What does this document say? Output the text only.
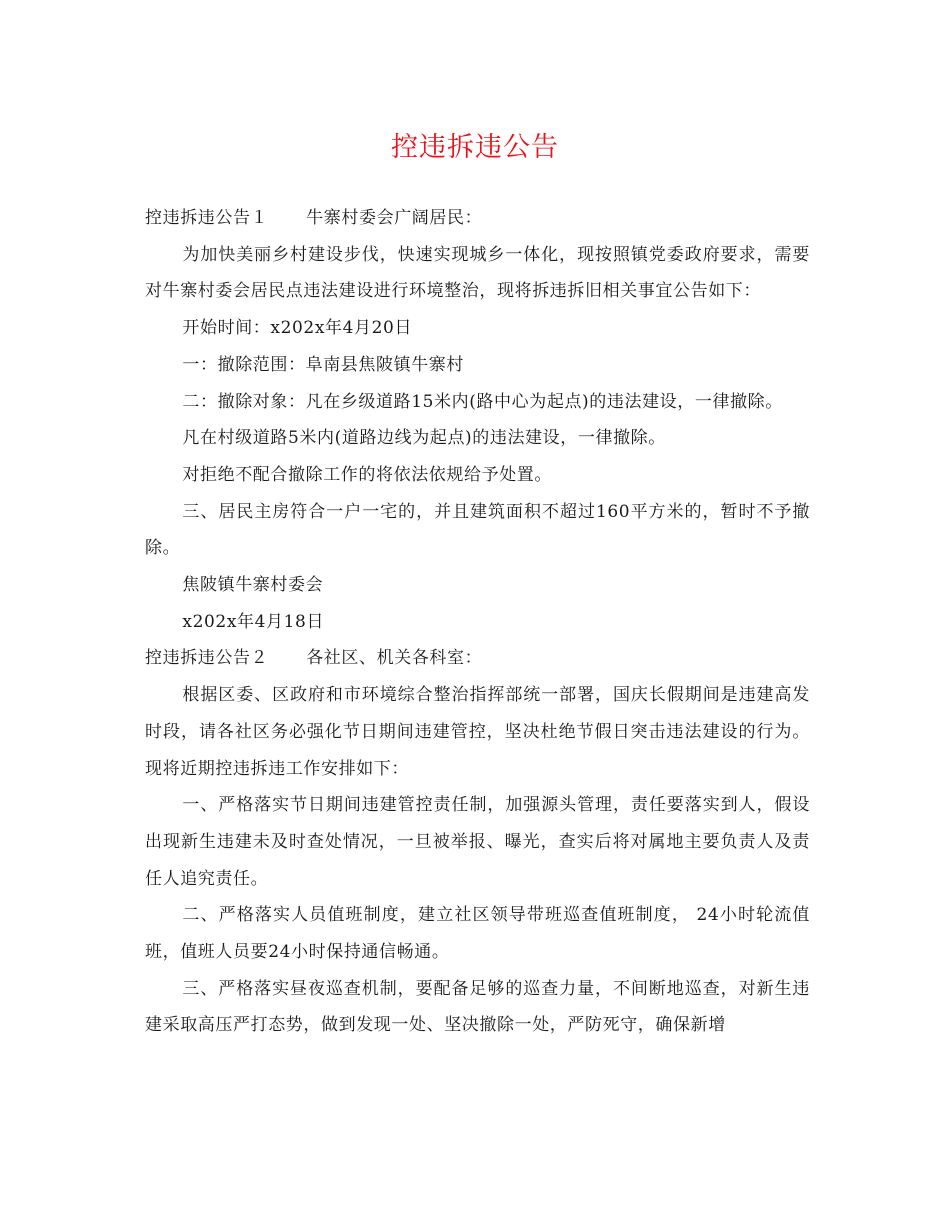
控违拆违公告

控违拆违公告１ 牛寨村委会广阔居民：

为加快美丽乡村建设步伐，快速实现城乡一体化，现按照镇党委政府要求，需要对牛寨村委会居民点违法建设进行环境整治，现将拆违拆旧相关事宜公告如下：

开始时间：x202x年4月20日

一：撤除范围：阜南县焦陂镇牛寨村

二：撤除对象：凡在乡级道路15米内(路中心为起点)的违法建设，一律撤除。

凡在村级道路5米内(道路边线为起点)的违法建设，一律撤除。

对拒绝不配合撤除工作的将依法依规给予处置。

三、居民主房符合一户一宅的，并且建筑面积不超过160平方米的，暂时不予撤除。

焦陂镇牛寨村委会

x202x年4月18日

控违拆违公告２ 各社区、机关各科室：

根据区委、区政府和市环境综合整治指挥部统一部署，国庆长假期间是违建高发时段，请各社区务必强化节日期间违建管控，坚决杜绝节假日突击违法建设的行为。现将近期控违拆违工作安排如下：

一、严格落实节日期间违建管控责任制，加强源头管理，责任要落实到人，假设出现新生违建未及时查处情况，一旦被举报、曝光，查实后将对属地主要负责人及责任人追究责任。

二、严格落实人员值班制度，建立社区领导带班巡查值班制度， 24小时轮流值班，值班人员要24小时保持通信畅通。

三、严格落实昼夜巡查机制，要配备足够的巡查力量，不间断地巡查，对新生违建采取高压严打态势，做到发现一处、坚决撤除一处，严防死守，确保新增
